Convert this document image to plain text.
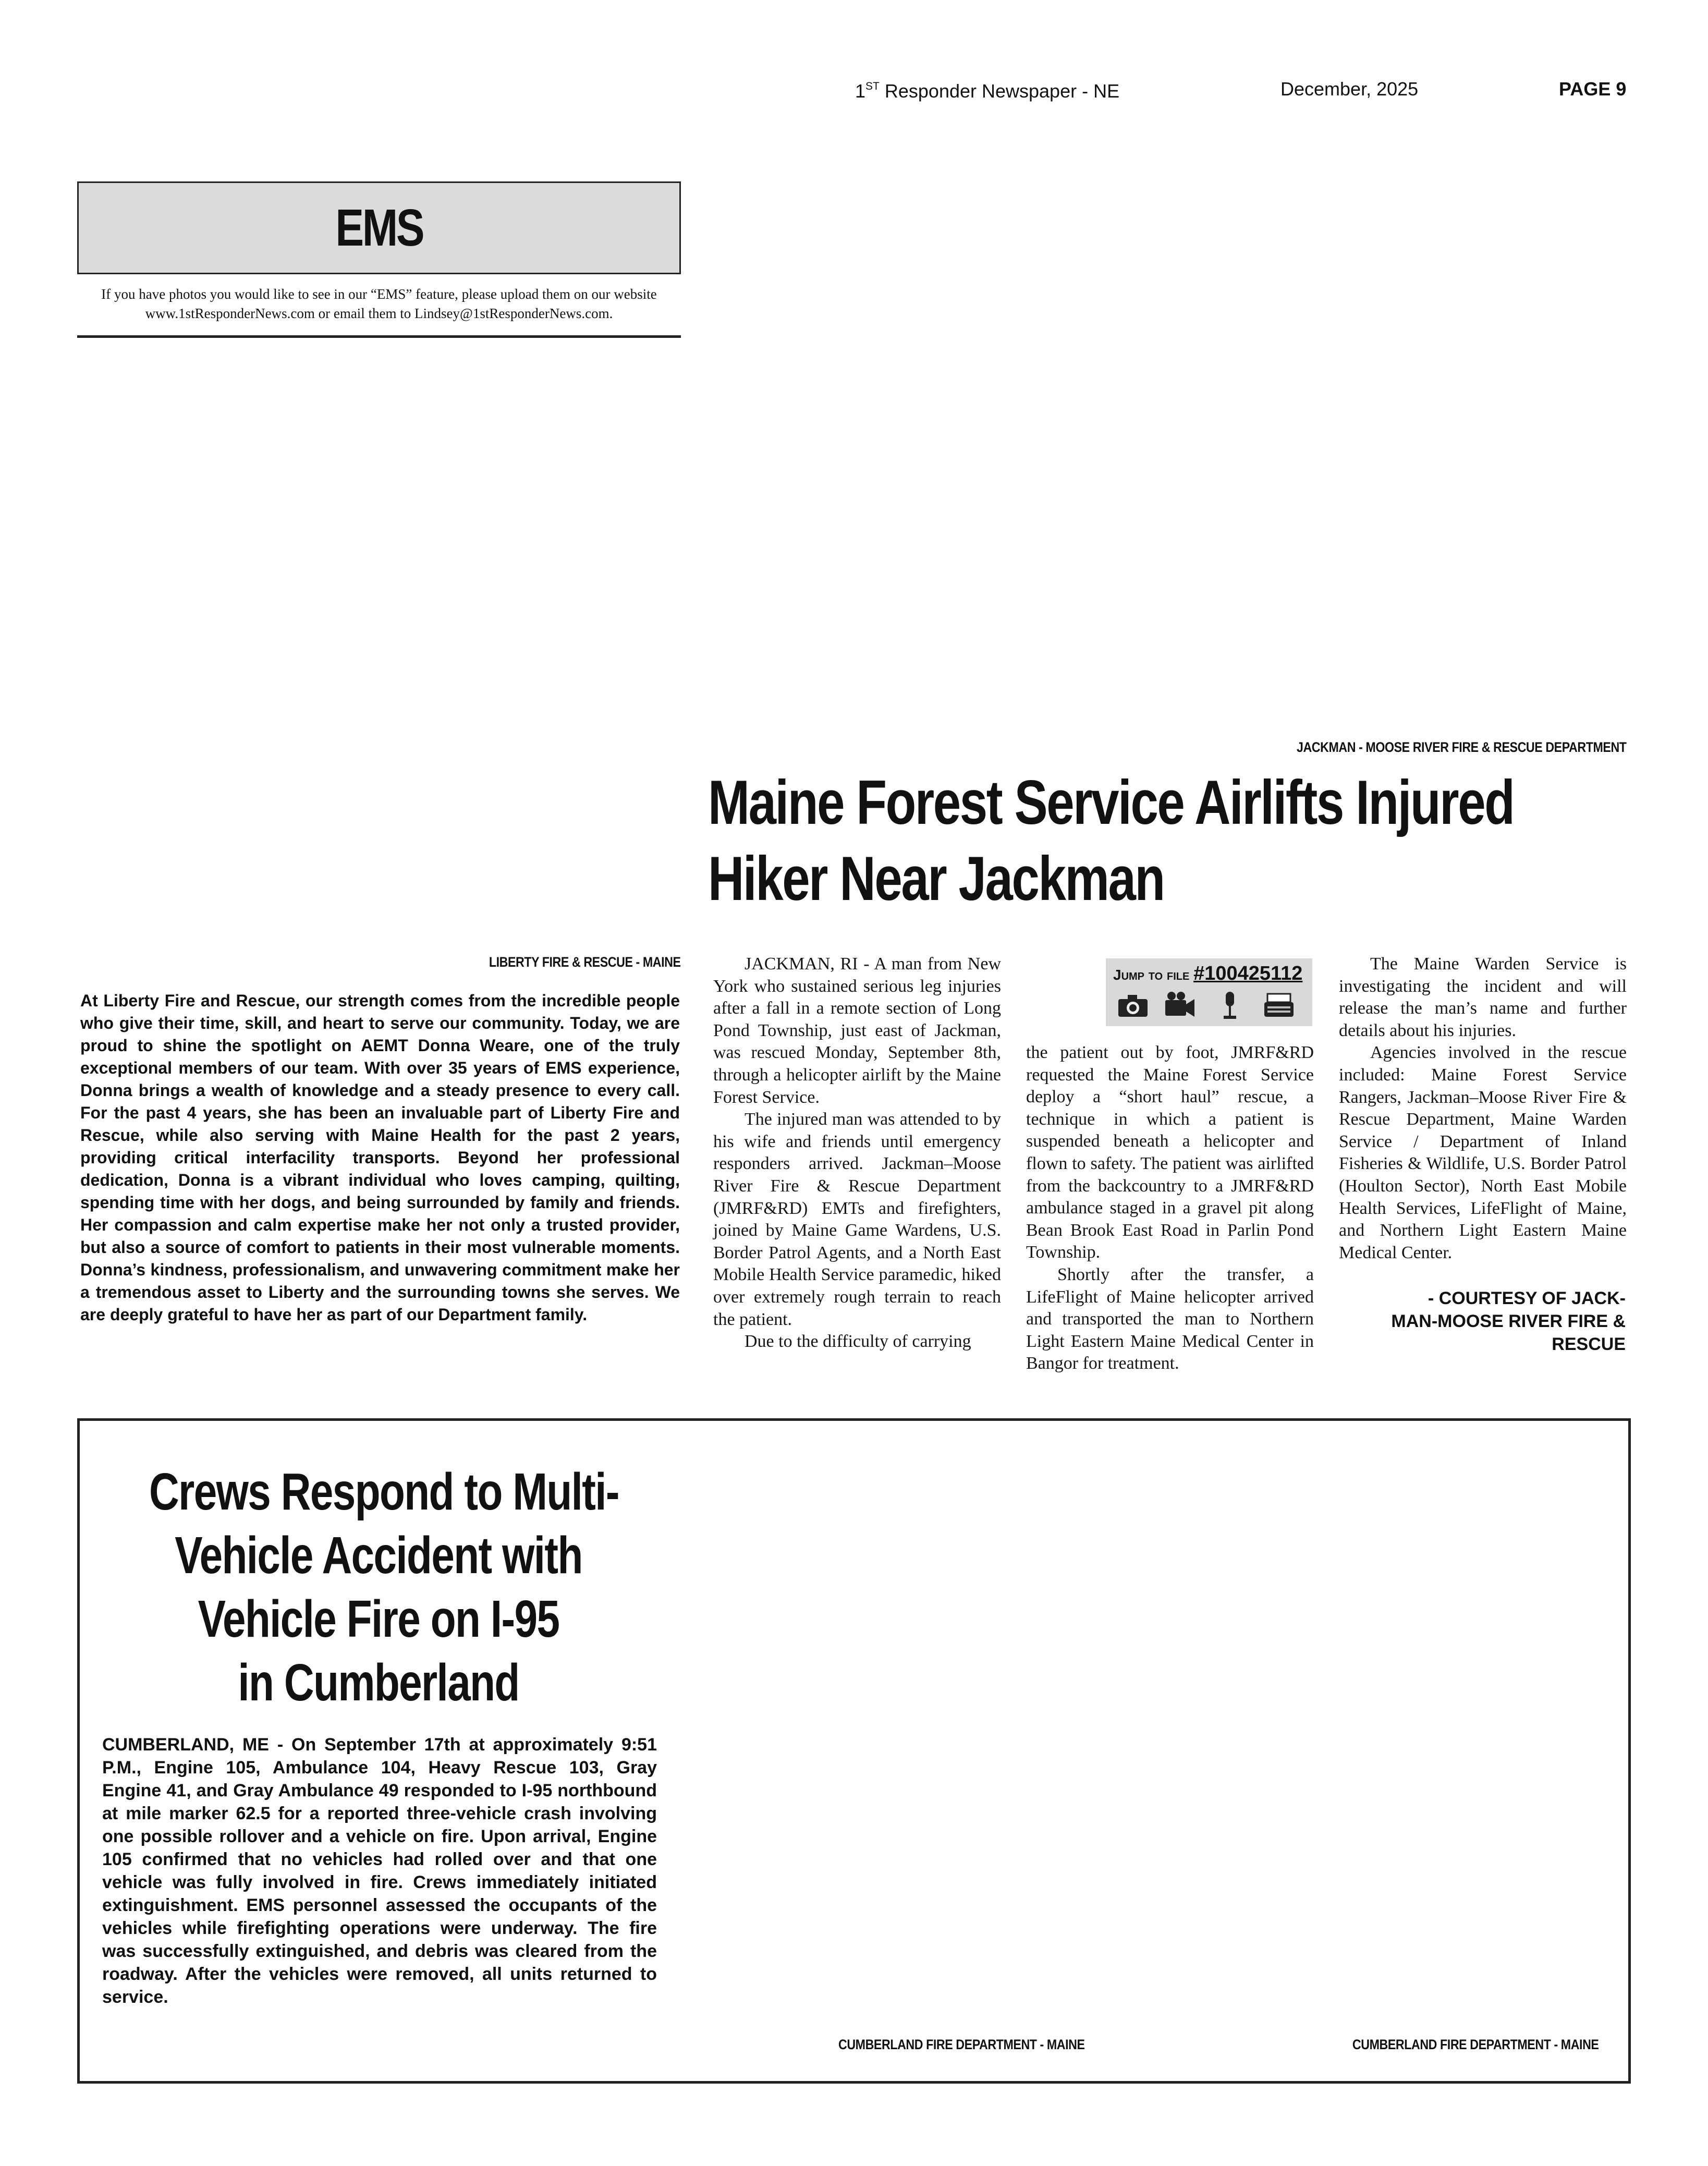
1ST Responder Newspaper - NE	December, 2025	PAGE 9
EMS
If you have photos you would like to see in our “EMS” feature, please upload them on our website
www.1stResponderNews.com or email them to Lindsey@1stResponderNews.com.
JACKMAN - MOOSE RIVER FIRE & RESCUE DEPARTMENT
Maine Forest Service Airlifts Injured
Hiker Near Jackman

JACKMAN, RI - A man from New York who sustained serious leg injuries after a fall in a remote section of Long Pond Township, just east of Jackman, was rescued Monday, September 8th, through a helicopter airlift by the Maine Forest Service.

The injured man was attended to by his wife and friends until emergency responders arrived. Jackman–Moose River Fire & Rescue Department (JMRF&RD) EMTs and firefighters, joined by Maine Game Wardens, U.S. Border Patrol Agents, and a North East Mobile Health Service paramedic, hiked over extremely rough terrain to reach the patient.

Due to the difficulty of carrying

Jump to file #100425112

the patient out by foot, JMRF&RD requested the Maine Forest Service deploy a “short haul” rescue, a technique in which a patient is suspended beneath a helicopter and flown to safety. The patient was airlifted from the backcountry to a JMRF&RD ambulance staged in a gravel pit along Bean Brook East Road in Parlin Pond Township.

Shortly after the transfer, a LifeFlight of Maine helicopter arrived and transported the man to Northern Light Eastern Maine Medical Center in Bangor for treatment.

The Maine Warden Service is investigating the incident and will release the man’s name and further details about his injuries.

Agencies involved in the rescue included: Maine Forest Service Rangers, Jackman–Moose River Fire & Rescue Department, Maine Warden Service / Department of Inland Fisheries & Wildlife, U.S. Border Patrol (Houlton Sector), North East Mobile Health Services, LifeFlight of Maine, and Northern Light Eastern Maine Medical Center.

- COURTESY OF JACK-
MAN-MOOSE RIVER FIRE &
RESCUE
LIBERTY FIRE & RESCUE - MAINE
At Liberty Fire and Rescue, our strength comes from the incredible people who give their time, skill, and heart to serve our community. Today, we are proud to shine the spotlight on AEMT Donna Weare, one of the truly exceptional members of our team. With over 35 years of EMS experience, Donna brings a wealth of knowledge and a steady presence to every call. For the past 4 years, she has been an invaluable part of Liberty Fire and Rescue, while also serving with Maine Health for the past 2 years, providing critical interfacility transports. Beyond her professional dedication, Donna is a vibrant individual who loves camping, quilting, spending time with her dogs, and being surrounded by family and friends. Her compassion and calm expertise make her not only a trusted provider, but also a source of comfort to patients in their most vulnerable moments. Donna’s kindness, professionalism, and unwavering commitment make her a tremendous asset to Liberty and the surrounding towns she serves. We are deeply grateful to have her as part of our Department family.
Crews Respond to Multi-
Vehicle Accident with
Vehicle Fire on I-95
in Cumberland
CUMBERLAND, ME - On September 17th at approximately 9:51 P.M., Engine 105, Ambulance 104, Heavy Rescue 103, Gray Engine 41, and Gray Ambulance 49 responded to I-95 northbound at mile marker 62.5 for a reported three-vehicle crash involving one possible rollover and a vehicle on fire. Upon arrival, Engine 105 confirmed that no vehicles had rolled over and that one vehicle was fully involved in fire. Crews immediately initiated extinguishment. EMS personnel assessed the occupants of the vehicles while firefighting operations were underway. The fire was successfully extinguished, and debris was cleared from the roadway. After the vehicles were removed, all units returned to service.
CUMBERLAND FIRE DEPARTMENT - MAINE	CUMBERLAND FIRE DEPARTMENT - MAINE
